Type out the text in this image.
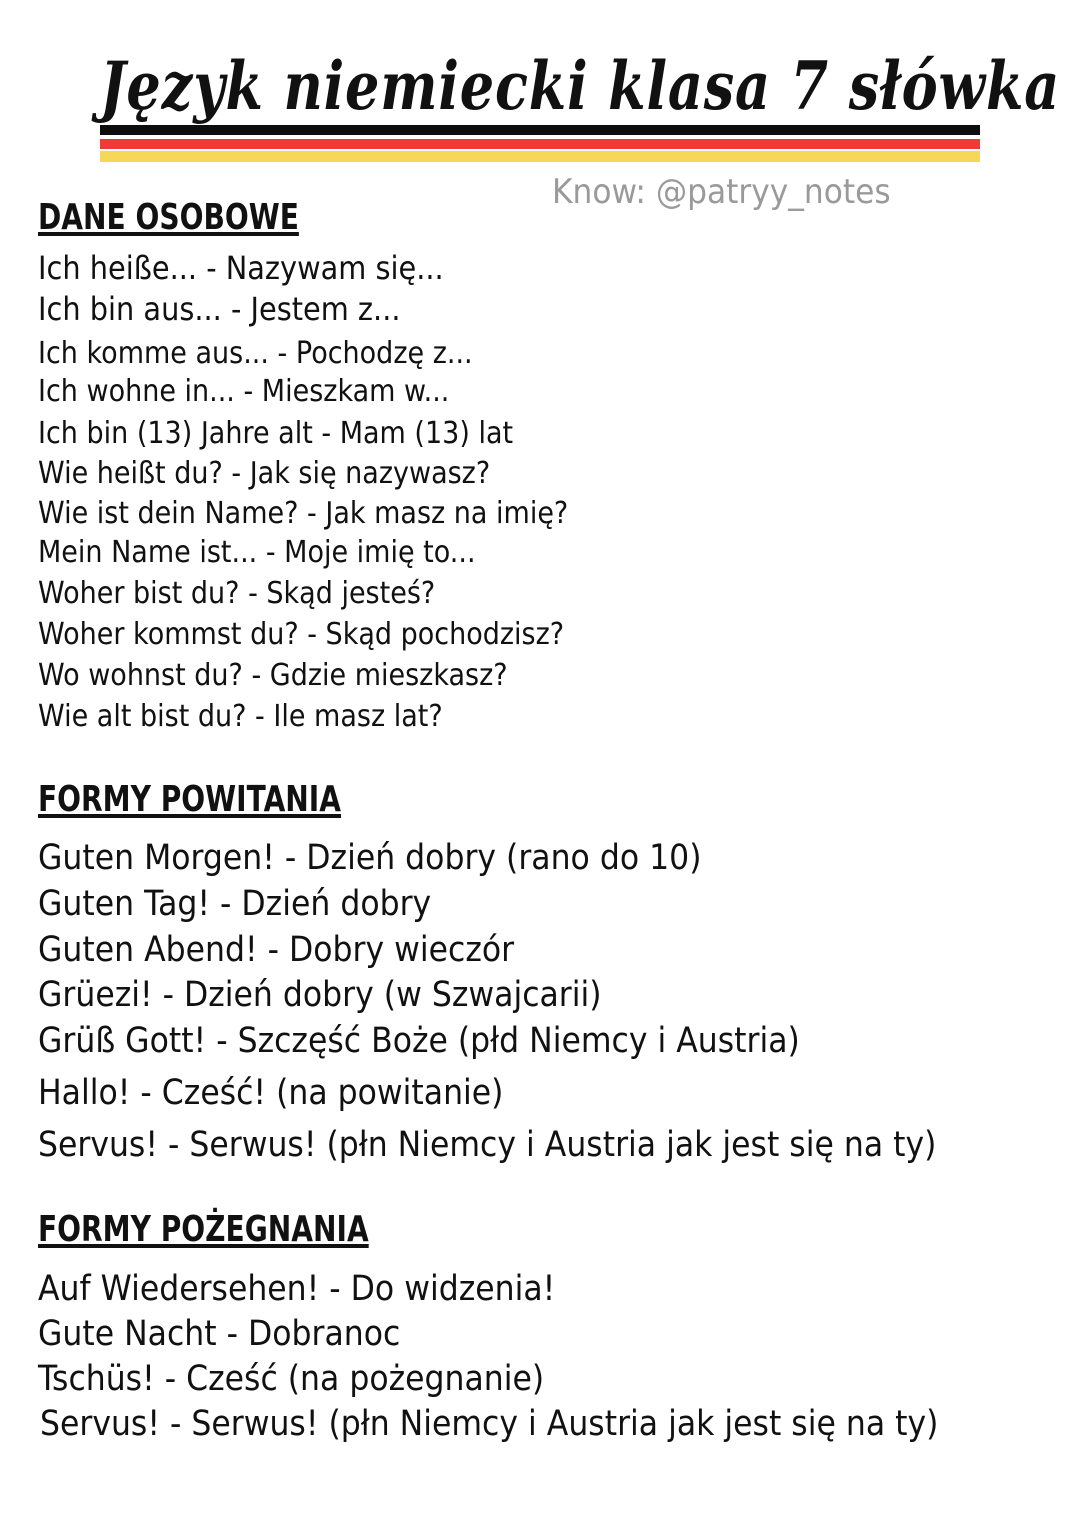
Język niemiecki klasa 7 słówka
Know: @patryy_notes
DANE OSOBOWE
Ich heiße... - Nazywam się...
Ich bin aus... - Jestem z...
Ich komme aus... - Pochodzę z...
Ich wohne in... - Mieszkam w...
Ich bin (13) Jahre alt - Mam (13) lat
Wie heißt du? - Jak się nazywasz?
Wie ist dein Name? - Jak masz na imię?
Mein Name ist... - Moje imię to...
Woher bist du? - Skąd jesteś?
Woher kommst du? - Skąd pochodzisz?
Wo wohnst du? - Gdzie mieszkasz?
Wie alt bist du? - Ile masz lat?
FORMY POWITANIA
Guten Morgen! - Dzień dobry (rano do 10)
Guten Tag! - Dzień dobry
Guten Abend! - Dobry wieczór
Grüezi! - Dzień dobry (w Szwajcarii)
Grüß Gott! - Szczęść Boże (płd Niemcy i Austria)
Hallo! - Cześć! (na powitanie)
Servus! - Serwus! (płn Niemcy i Austria jak jest się na ty)
FORMY POŻEGNANIA
Auf Wiedersehen! - Do widzenia!
Gute Nacht - Dobranoc
Tschüs! - Cześć (na pożegnanie)
Servus! - Serwus! (płn Niemcy i Austria jak jest się na ty)
